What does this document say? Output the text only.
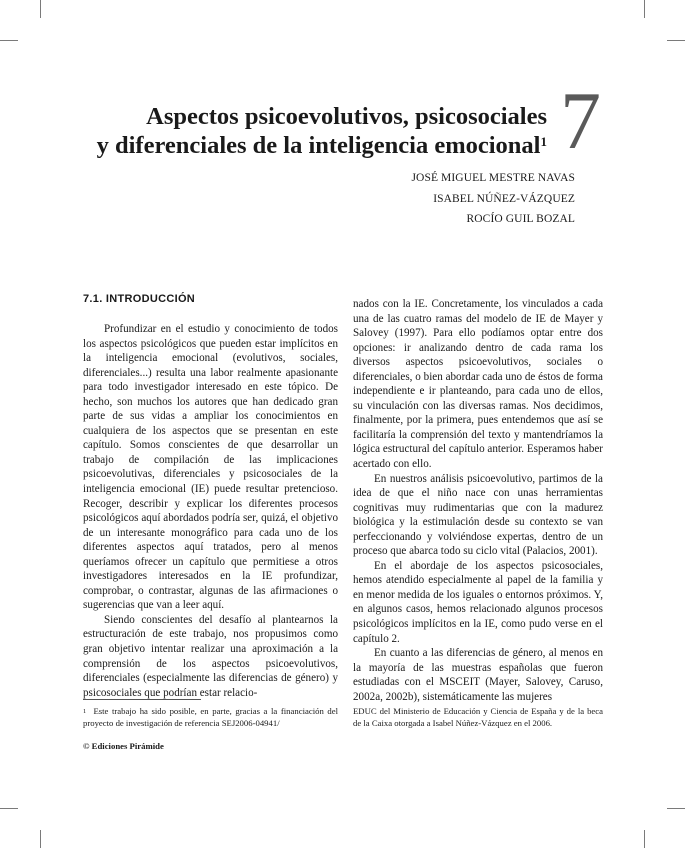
7
Aspectos psicoevolutivos, psicosociales
y diferenciales de la inteligencia emocional$^1$
JOSÉ MIGUEL MESTRE NAVAS
ISABEL NÚÑEZ-VÁZQUEZ
ROCÍO GUIL BOZAL
7.1. INTRODUCCIÓN

Profundizar en el estudio y conocimiento de todos los aspectos psicológicos que pueden estar implícitos en la inteligencia emocional (evolutivos, sociales, diferenciales...) resulta una labor realmente apasionante para todo investigador interesado en este tópico. De hecho, son muchos los autores que han dedicado gran parte de sus vidas a ampliar los conocimientos en cualquiera de los aspectos que se presentan en este capítulo. Somos conscientes de que desarrollar un trabajo de compilación de las implicaciones psicoevolutivas, diferenciales y psicosociales de la inteligencia emocional (IE) puede resultar pretencioso. Recoger, describir y explicar los diferentes procesos psicológicos aquí abordados podría ser, quizá, el objetivo de un interesante monográfico para cada uno de los diferentes aspectos aquí tratados, pero al menos queríamos ofrecer un capítulo que permitiese a otros investigadores interesados en la IE profundizar, comprobar, o contrastar, algunas de las afirmaciones o sugerencias que van a leer aquí.

Siendo conscientes del desafío al plantearnos la estructuración de este trabajo, nos propusimos como gran objetivo intentar realizar una aproximación a la comprensión de los aspectos psicoevolutivos, diferenciales (especialmente las diferencias de género) y psicosociales que podrían estar relacio-

nados con la IE. Concretamente, los vinculados a cada una de las cuatro ramas del modelo de IE de Mayer y Salovey (1997). Para ello podíamos optar entre dos opciones: ir analizando dentro de cada rama los diversos aspectos psicoevolutivos, sociales o diferenciales, o bien abordar cada uno de éstos de forma independiente e ir planteando, para cada uno de ellos, su vinculación con las diversas ramas. Nos decidimos, finalmente, por la primera, pues entendemos que así se facilitaría la comprensión del texto y mantendríamos la lógica estructural del capítulo anterior. Esperamos haber acertado con ello.

En nuestros análisis psicoevolutivo, partimos de la idea de que el niño nace con unas herramientas cognitivas muy rudimentarias que con la madurez biológica y la estimulación desde su contexto se van perfeccionando y volviéndose expertas, dentro de un proceso que abarca todo su ciclo vital (Palacios, 2001).

En el abordaje de los aspectos psicosociales, hemos atendido especialmente al papel de la familia y en menor medida de los iguales o entornos próximos. Y, en algunos casos, hemos relacionado algunos procesos psicológicos implícitos en la IE, como pudo verse en el capítulo 2.

En cuanto a las diferencias de género, al menos en la mayoría de las muestras españolas que fueron estudiadas con el MSCEIT (Mayer, Salovey, Caruso, 2002a, 2002b), sistemáticamente las mujeres

$^1$ Este trabajo ha sido posible, en parte, gracias a la financiación del proyecto de investigación de referencia SEJ2006-04941/
EDUC del Ministerio de Educación y Ciencia de España y de la beca de la Caixa otorgada a Isabel Núñez-Vázquez en el 2006.
© Ediciones Pirámide
